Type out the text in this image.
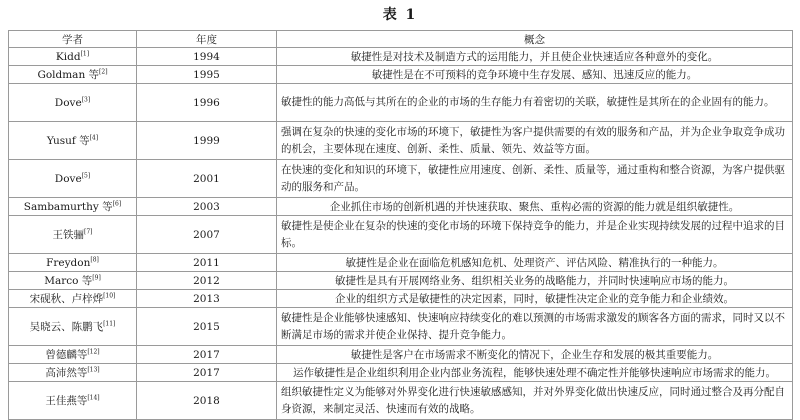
表 1
学者	年度	概念
Kidd[1]	1994	敏捷性是对技术及制造方式的运用能力，并且使企业快速适应各种意外的变化。
Goldman 等[2]	1995	敏捷性是在不可预料的竞争环境中生存发展、感知、迅速反应的能力。
Dove[3]	1996	敏捷性的能力高低与其所在的企业的市场的生存能力有着密切的关联，敏捷性是其所在的企业固有的能力。
Yusuf 等[4]	1999	强调在复杂的快速的变化市场的环境下，敏捷性为客户提供需要的有效的服务和产品，并为企业争取竞争成功的机会，主要体现在速度、创新、柔性、质量、领先、效益等方面。
Dove[5]	2001	在快速的变化和知识的环境下，敏捷性应用速度、创新、柔性、质量等，通过重构和整合资源，为客户提供驱动的服务和产品。
Sambamurthy 等[6]	2003	企业抓住市场的创新机遇的并快速获取、聚焦、重构必需的资源的能力就是组织敏捷性。
王铁骊[7]	2007	敏捷性是使企业在复杂的快速的变化市场的环境下保持竞争的能力，并是企业实现持续发展的过程中追求的目标。
Freydon[8]	2011	敏捷性是企业在面临危机感知危机、处理资产、评估风险、精准执行的一种能力。
Marco 等[9]	2012	敏捷性是具有开展网络业务、组织相关业务的战略能力，并同时快速响应市场的能力。
宋砚秋、卢梓烨[10]	2013	企业的组织方式是敏捷性的决定因素，同时，敏捷性决定企业的竞争能力和企业绩效。
吴晓云、陈鹏飞[11]	2015	敏捷性是企业能够快速感知、快速响应持续变化的难以预测的市场需求激发的顾客各方面的需求，同时又以不断满足市场的需求并使企业保持、提升竞争能力。
曾德麟等[12]	2017	敏捷性是客户在市场需求不断变化的情况下，企业生存和发展的极其重要能力。
高沛然等[13]	2017	运作敏捷性是企业组织利用企业内部业务流程，能够快速处理不确定性并能够快速响应市场需求的能力。
王佳燕等[14]	2018	组织敏捷性定义为能够对外界变化进行快速敏感感知，并对外界变化做出快速反应，同时通过整合及再分配自身资源，来制定灵活、快速而有效的战略。
